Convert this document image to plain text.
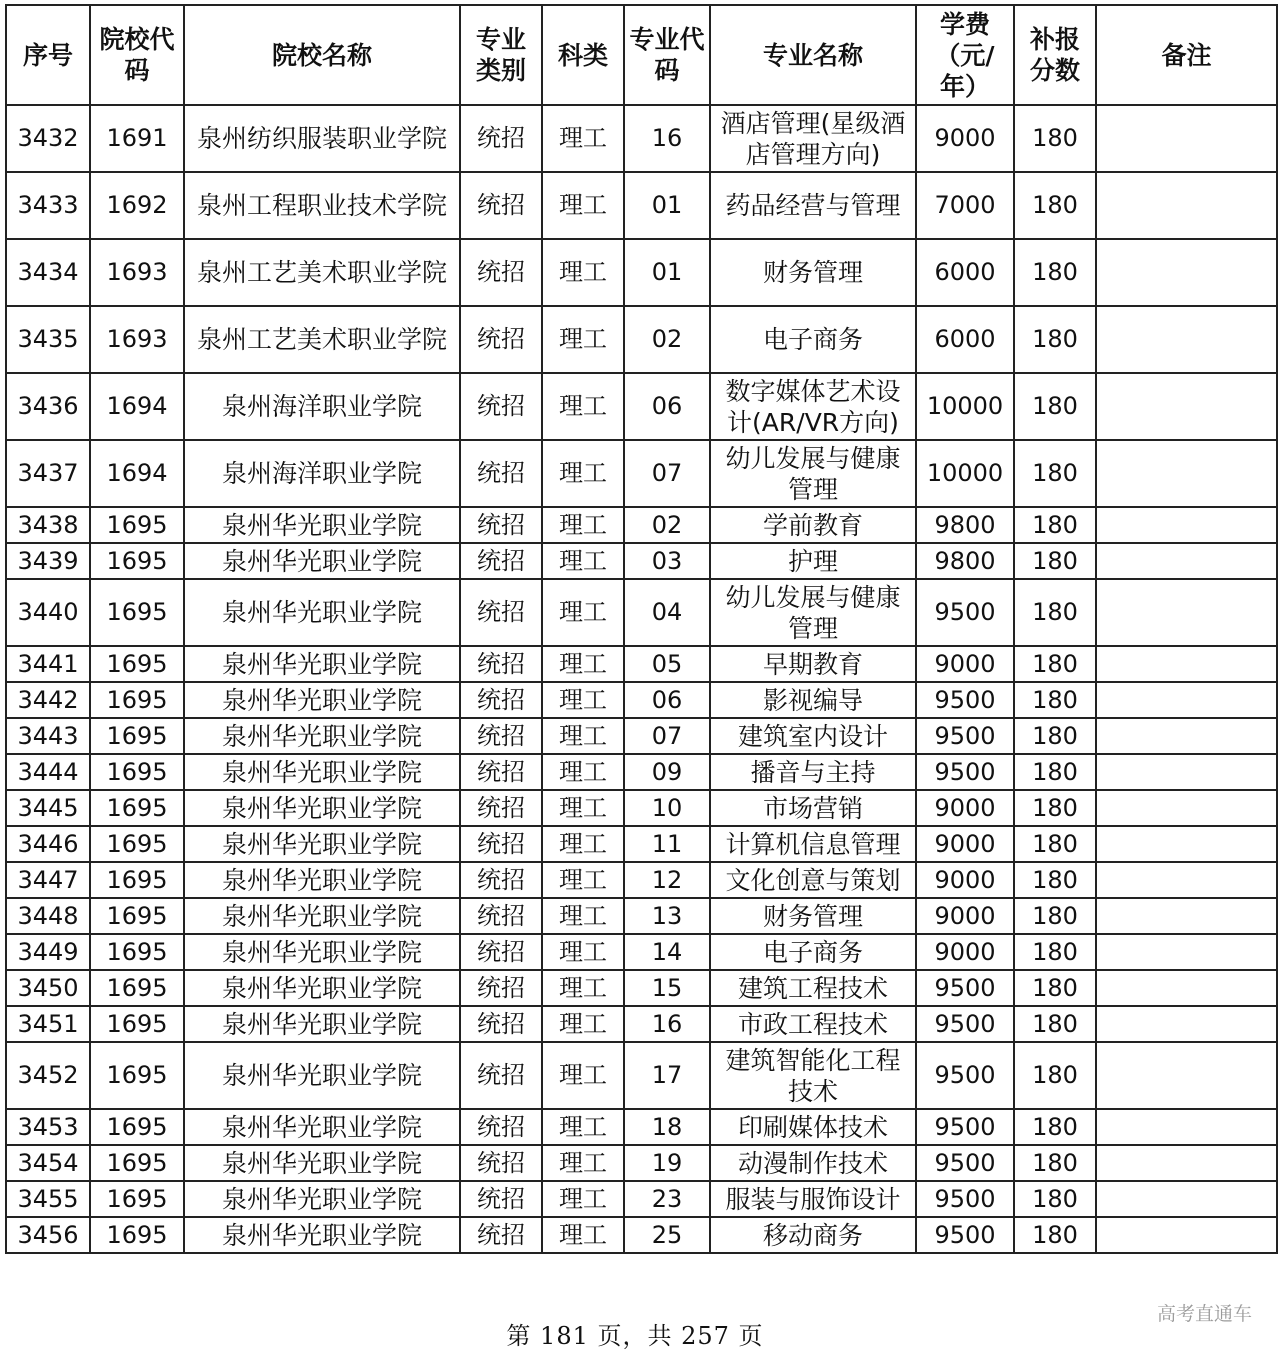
序号	院校代码	院校名称	专业类别	科类	专业代码	专业名称	学费（元/年）	补报分数	备注
3432	1691	泉州纺织服装职业学院	统招	理工	16	酒店管理(星级酒店管理方向)	9000	180	
3433	1692	泉州工程职业技术学院	统招	理工	01	药品经营与管理	7000	180	
3434	1693	泉州工艺美术职业学院	统招	理工	01	财务管理	6000	180	
3435	1693	泉州工艺美术职业学院	统招	理工	02	电子商务	6000	180	
3436	1694	泉州海洋职业学院	统招	理工	06	数字媒体艺术设计(AR/VR方向)	10000	180	
3437	1694	泉州海洋职业学院	统招	理工	07	幼儿发展与健康管理	10000	180	
3438	1695	泉州华光职业学院	统招	理工	02	学前教育	9800	180	
3439	1695	泉州华光职业学院	统招	理工	03	护理	9800	180	
3440	1695	泉州华光职业学院	统招	理工	04	幼儿发展与健康管理	9500	180	
3441	1695	泉州华光职业学院	统招	理工	05	早期教育	9000	180	
3442	1695	泉州华光职业学院	统招	理工	06	影视编导	9500	180	
3443	1695	泉州华光职业学院	统招	理工	07	建筑室内设计	9500	180	
3444	1695	泉州华光职业学院	统招	理工	09	播音与主持	9500	180	
3445	1695	泉州华光职业学院	统招	理工	10	市场营销	9000	180	
3446	1695	泉州华光职业学院	统招	理工	11	计算机信息管理	9000	180	
3447	1695	泉州华光职业学院	统招	理工	12	文化创意与策划	9000	180	
3448	1695	泉州华光职业学院	统招	理工	13	财务管理	9000	180	
3449	1695	泉州华光职业学院	统招	理工	14	电子商务	9000	180	
3450	1695	泉州华光职业学院	统招	理工	15	建筑工程技术	9500	180	
3451	1695	泉州华光职业学院	统招	理工	16	市政工程技术	9500	180	
3452	1695	泉州华光职业学院	统招	理工	17	建筑智能化工程技术	9500	180	
3453	1695	泉州华光职业学院	统招	理工	18	印刷媒体技术	9500	180	
3454	1695	泉州华光职业学院	统招	理工	19	动漫制作技术	9500	180	
3455	1695	泉州华光职业学院	统招	理工	23	服装与服饰设计	9500	180	
3456	1695	泉州华光职业学院	统招	理工	25	移动商务	9500	180	
第 181 页，共 257 页
高考直通车
